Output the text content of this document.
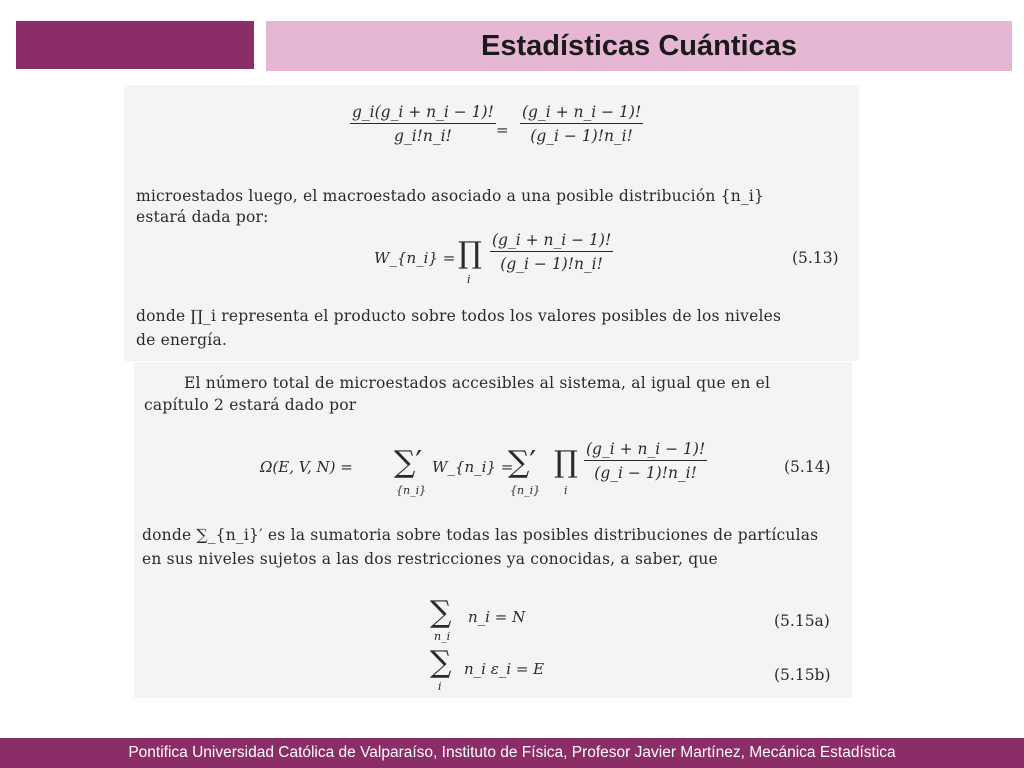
Estadísticas Cuánticas
$\frac{g\_i(g\_i + n\_i - 1)!}{g\_i!n\_i!} = \frac{(g\_i + n\_i - 1)!}{(g\_i - 1)!n\_i!}$
microestados luego, el macroestado asociado a una posible distribución {n_i}
estará dada por:
W_{n_i} = ∏
i
$\frac{(g\_i + n\_i - 1)!}{(g\_i - 1)!n\_i!}$	(5.13)
donde ∏_i representa el producto sobre todos los valores posibles de los niveles
de energía.
El número total de microestados accesibles al sistema, al igual que en el
capítulo 2 estará dado por
Ω(E, V, N) = ∑′
{n_i}
W_{n_i} =
∑′
{n_i}
∏
i
$\frac{(g\_i + n\_i - 1)!}{(g\_i - 1)!n\_i!}$	(5.14)
donde ∑_{n_i}′ es la sumatoria sobre todas las posibles distribuciones de partículas
en sus niveles sujetos a las dos restricciones ya conocidas, a saber, que
∑
n_i
n_i = N	(5.15a)
∑
i
n_i ε_i = E	(5.15b)
Pontifica Universidad Católica de Valparaíso, Instituto de Física, Profesor Javier Martínez, Mecánica Estadística
